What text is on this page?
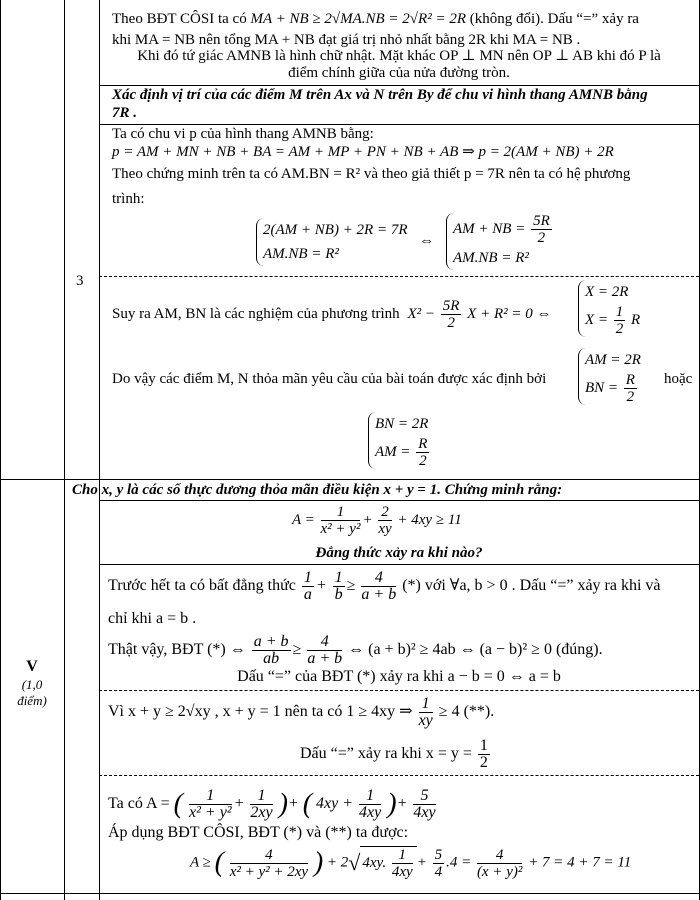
3
V
(1,0
điểm)
Theo BĐT CÔSI ta có MA + NB ≥ 2√MA.NB = 2√R² = 2R (không đổi). Dấu “=” xảy ra
khi MA = NB nên tổng MA + NB đạt giá trị nhỏ nhất bằng 2R khi MA = NB .
Khi đó tứ giác AMNB là hình chữ nhật. Mặt khác OP ⊥ MN nên OP ⊥ AB khi đó P là
điểm chính giữa của nửa đường tròn.
Xác định vị trí của các điểm M trên Ax và N trên By để chu vi hình thang AMNB bằng
7R .
Ta có chu vi p của hình thang AMNB bằng:
p = AM + MN + NB + BA = AM + MP + PN + NB + AB ⇒ p = 2(AM + NB) + 2R
Theo chứng minh trên ta có AM.BN = R² và theo giả thiết p = 7R nên ta có hệ phương
trình:
2(AM + NB) + 2R = 7R
AM.NB = R²
⇔
AM + NB = $\frac{5R}{2}$
AM.NB = R²
Suy ra AM, BN là các nghiệm của phương trình $X^2 - \frac{5R}{2}$ X + R² = 0 ⇔
X = 2R
$X = \frac{1}{2}$ R
Do vậy các điểm M, N thỏa mãn yêu cầu của bài toán được xác định bởi
AM = 2R
BN = $\frac{R}{2}$ hoặc
BN = 2R
AM = $\frac{R}{2}$
Cho x, y là các số thực dương thỏa mãn điều kiện x + y = 1. Chứng minh rằng:
$A = \frac{1}{\text{x² + y²}} + \frac{2}{xy} + 4xy \ge 11$
Đẳng thức xảy ra khi nào?
Trước hết ta có bất đẳng thức $\frac{1}{a} + \frac{1}{b} \ge \frac{4}{a + b}$ (*) với ∀a, b > 0 . Dấu “=” xảy ra khi và
chỉ khi a = b .
Thật vậy, BĐT (*) ⇔ $\frac{a + b}{ab} \ge \frac{4}{a + b}$ ⇔ (a + b)² ≥ 4ab ⇔ (a − b)² ≥ 0 (đúng).
Dấu “=” của BĐT (*) xảy ra khi a − b = 0 ⇔ a = b
Vì x + y ≥ 2√xy , x + y = 1 nên ta có 1 ≥ 4xy ⇒ $\frac{1}{xy} \ge 4$ (**).
Dấu “=” xảy ra khi $x = y = \frac{1}{2}$
Ta có A = ( $\frac{1}{\text{x² + y²}} + \frac{1}{2xy}$ )+ ( $4xy + \frac{1}{4xy}$ )+ $\frac{5}{4xy}$
Áp dụng BĐT CÔSI, BĐT (*) và (**) ta được:
A ≥ ( $\frac{4}{\text{x² + y² + 2xy}}$ ) + 2√ 4xy. $\frac{1}{4xy} + \frac{5}{4} .4 = \frac{4}{\text{(x + y)²}} + 7 = 4 + 7 = 11$
